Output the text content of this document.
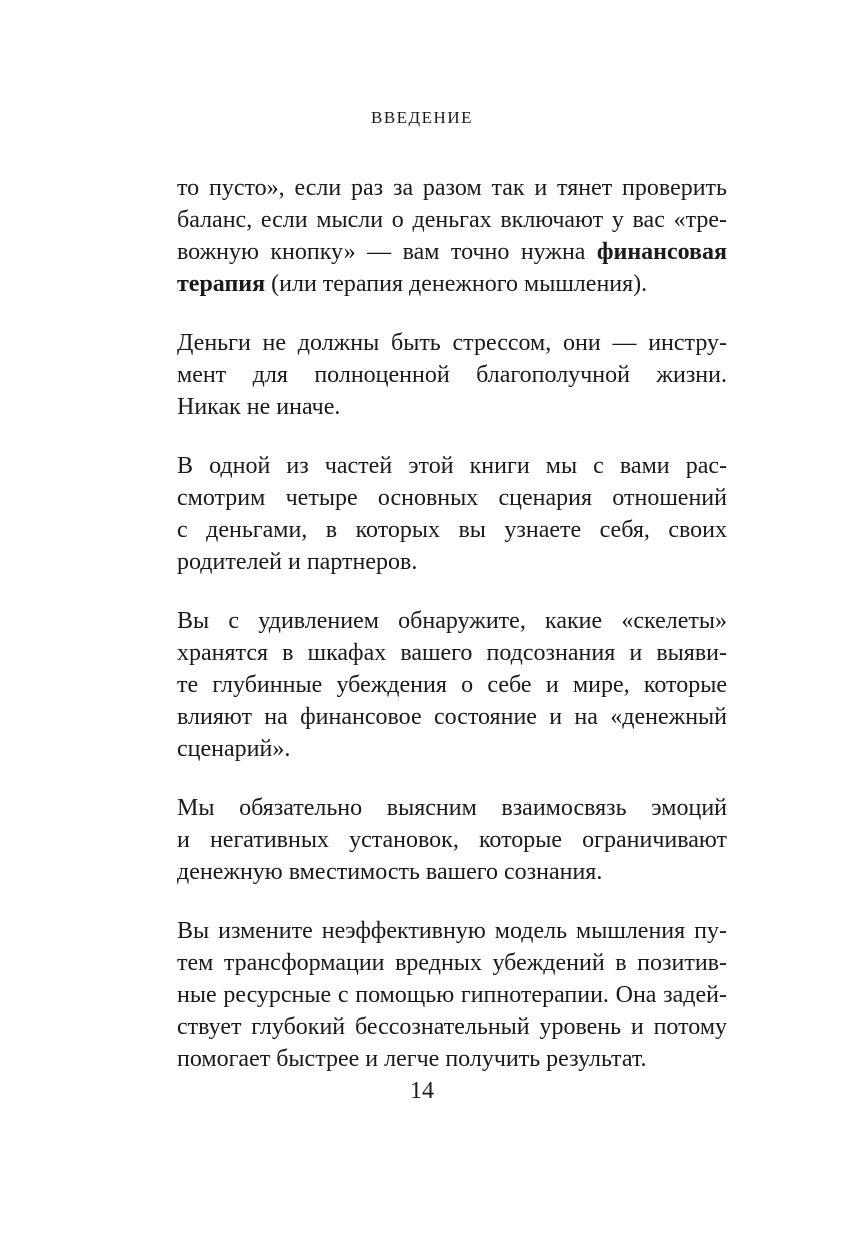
ВВЕДЕНИЕ

то пусто», если раз за разом так и тянет проверить
баланс, если мысли о деньгах включают у вас «тре-
вожную кнопку» — вам точно нужна финансовая
терапия (или терапия денежного мышления).

Деньги не должны быть стрессом, они — инстру-
мент для полноценной благополучной жизни.
Никак не иначе.

В одной из частей этой книги мы с вами рас-
смотрим четыре основных сценария отношений
с деньгами, в которых вы узнаете себя, своих
родителей и партнеров.

Вы с удивлением обнаружите, какие «скелеты»
хранятся в шкафах вашего подсознания и выяви-
те глубинные убеждения о себе и мире, которые
влияют на финансовое состояние и на «денежный
сценарий».

Мы обязательно выясним взаимосвязь эмоций
и негативных установок, которые ограничивают
денежную вместимость вашего сознания.

Вы измените неэффективную модель мышления пу-
тем трансформации вредных убеждений в позитив-
ные ресурсные с помощью гипнотерапии. Она задей-
ствует глубокий бессознательный уровень и потому
помогает быстрее и легче получить результат.

14
